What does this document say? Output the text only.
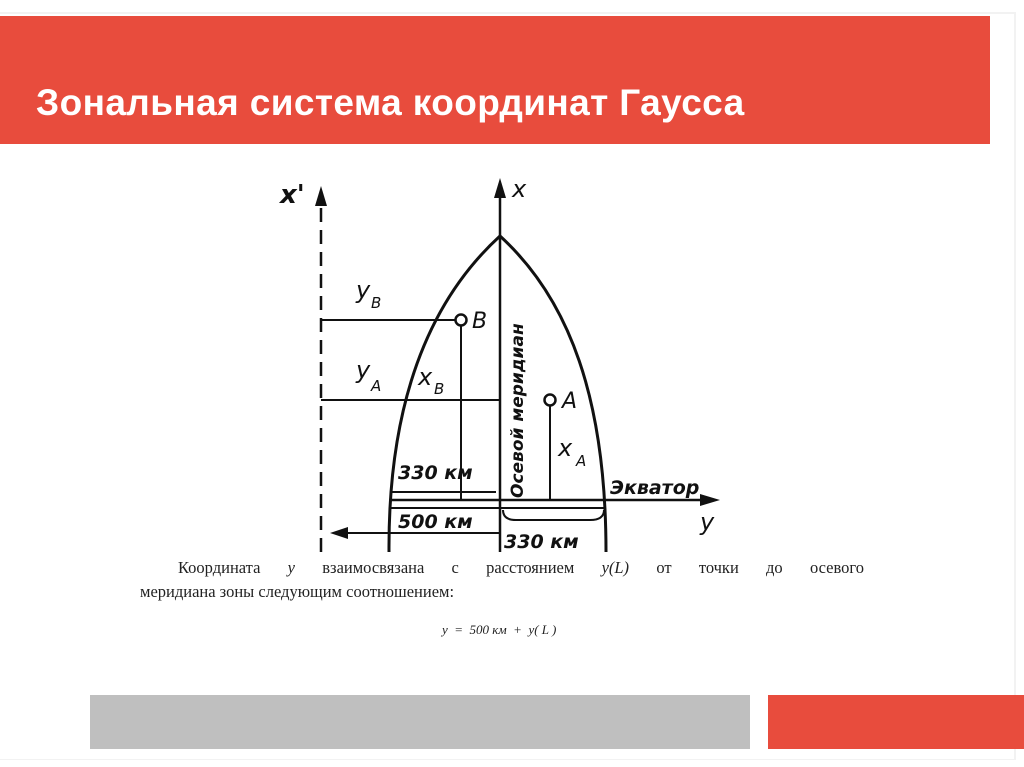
Зональная система координат Гаусса
x'	x
B
A
y B
y
A x B
x A
Осевой меридиан	Экватор
y
330 км
500 км
330 км

Координата y взаимосвязана с расстоянием y(L) от точки до осевого
меридиана зоны следующим соотношением:

y  =  500 км  +  y( L )
